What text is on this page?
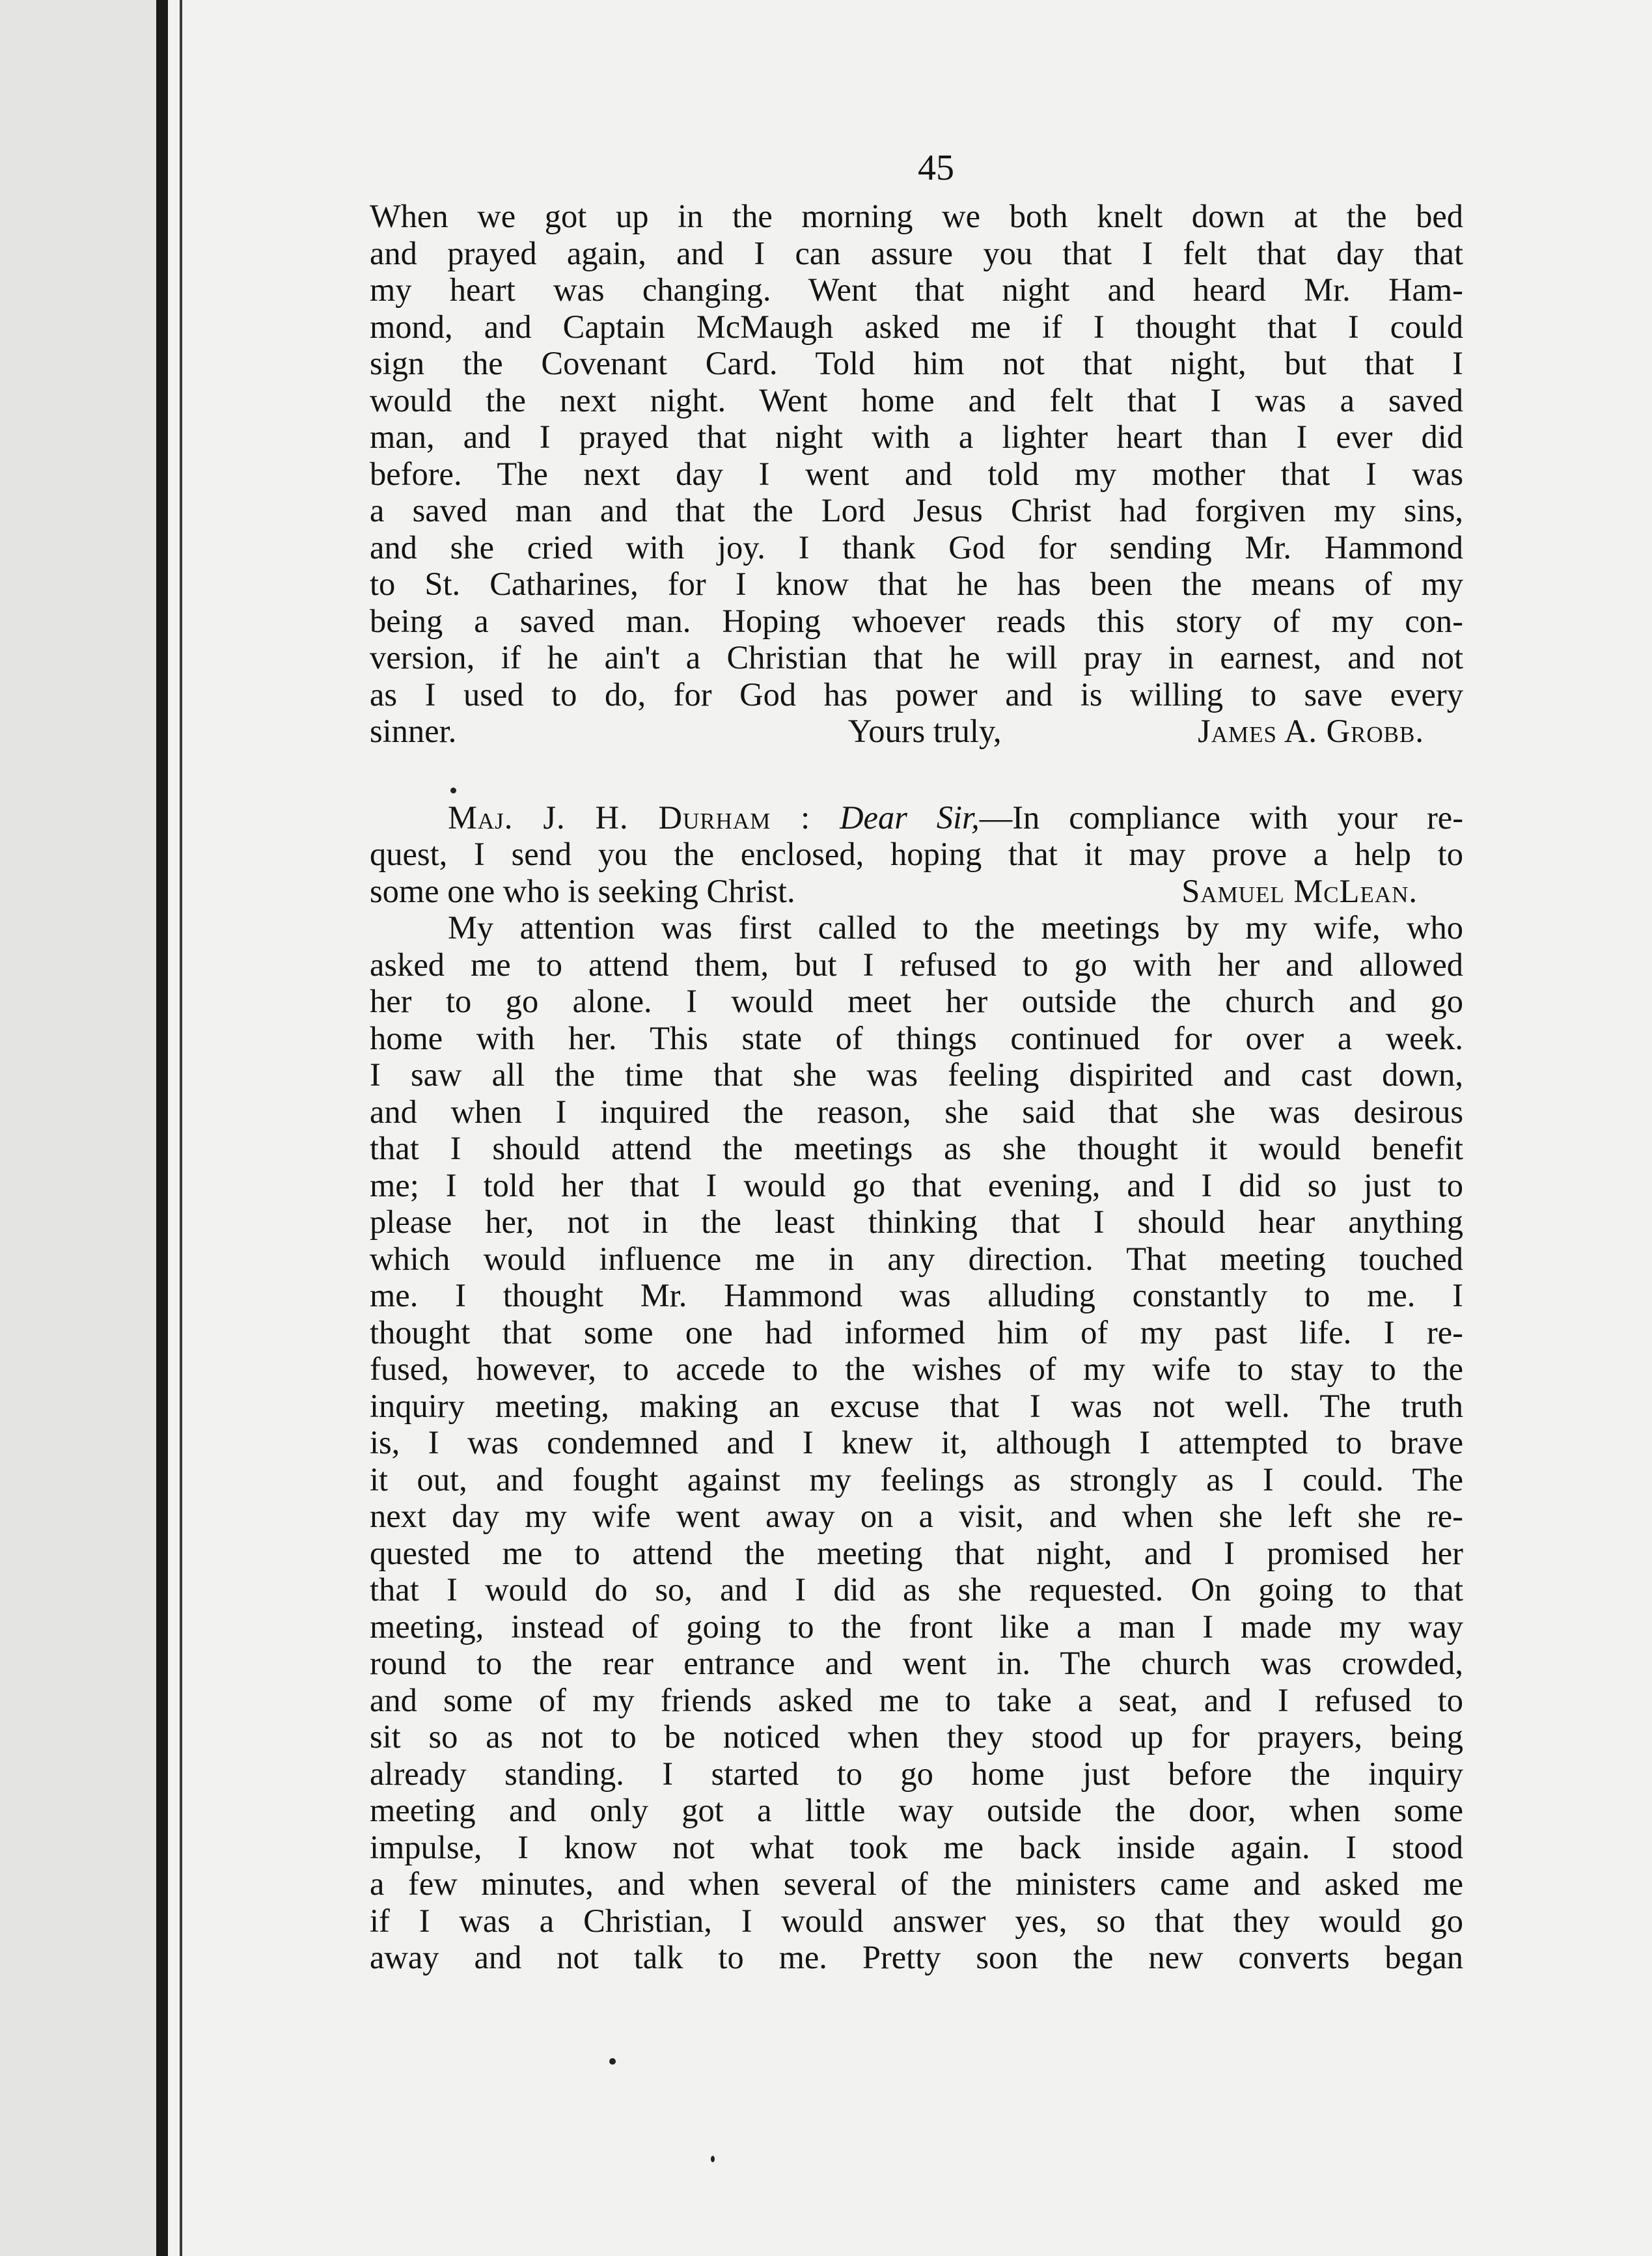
45
When we got up in the morning we both knelt down at the bed
and prayed again, and I can assure you that I felt that day that
my heart was changing. Went that night and heard Mr. Ham-
mond, and Captain McMaugh asked me if I thought that I could
sign the Covenant Card. Told him not that night, but that I
would the next night. Went home and felt that I was a saved
man, and I prayed that night with a lighter heart than I ever did
before. The next day I went and told my mother that I was
a saved man and that the Lord Jesus Christ had forgiven my sins,
and she cried with joy. I thank God for sending Mr. Hammond
to St. Catharines, for I know that he has been the means of my
being a saved man. Hoping whoever reads this story of my con-
version, if he ain't a Christian that he will pray in earnest, and not
as I used to do, for God has power and is willing to save every
sinner.	Yours truly,	James A. Grobb.
Maj. J. H. Durham : Dear Sir,—In compliance with your re-
quest, I send you the enclosed, hoping that it may prove a help to
some one who is seeking Christ.	Samuel McLean.
My attention was first called to the meetings by my wife, who
asked me to attend them, but I refused to go with her and allowed
her to go alone. I would meet her outside the church and go
home with her. This state of things continued for over a week.
I saw all the time that she was feeling dispirited and cast down,
and when I inquired the reason, she said that she was desirous
that I should attend the meetings as she thought it would benefit
me; I told her that I would go that evening, and I did so just to
please her, not in the least thinking that I should hear anything
which would influence me in any direction. That meeting touched
me. I thought Mr. Hammond was alluding constantly to me. I
thought that some one had informed him of my past life. I re-
fused, however, to accede to the wishes of my wife to stay to the
inquiry meeting, making an excuse that I was not well. The truth
is, I was condemned and I knew it, although I attempted to brave
it out, and fought against my feelings as strongly as I could. The
next day my wife went away on a visit, and when she left she re-
quested me to attend the meeting that night, and I promised her
that I would do so, and I did as she requested. On going to that
meeting, instead of going to the front like a man I made my way
round to the rear entrance and went in. The church was crowded,
and some of my friends asked me to take a seat, and I refused to
sit so as not to be noticed when they stood up for prayers, being
already standing. I started to go home just before the inquiry
meeting and only got a little way outside the door, when some
impulse, I know not what took me back inside again. I stood
a few minutes, and when several of the ministers came and asked me
if I was a Christian, I would answer yes, so that they would go
away and not talk to me. Pretty soon the new converts began
